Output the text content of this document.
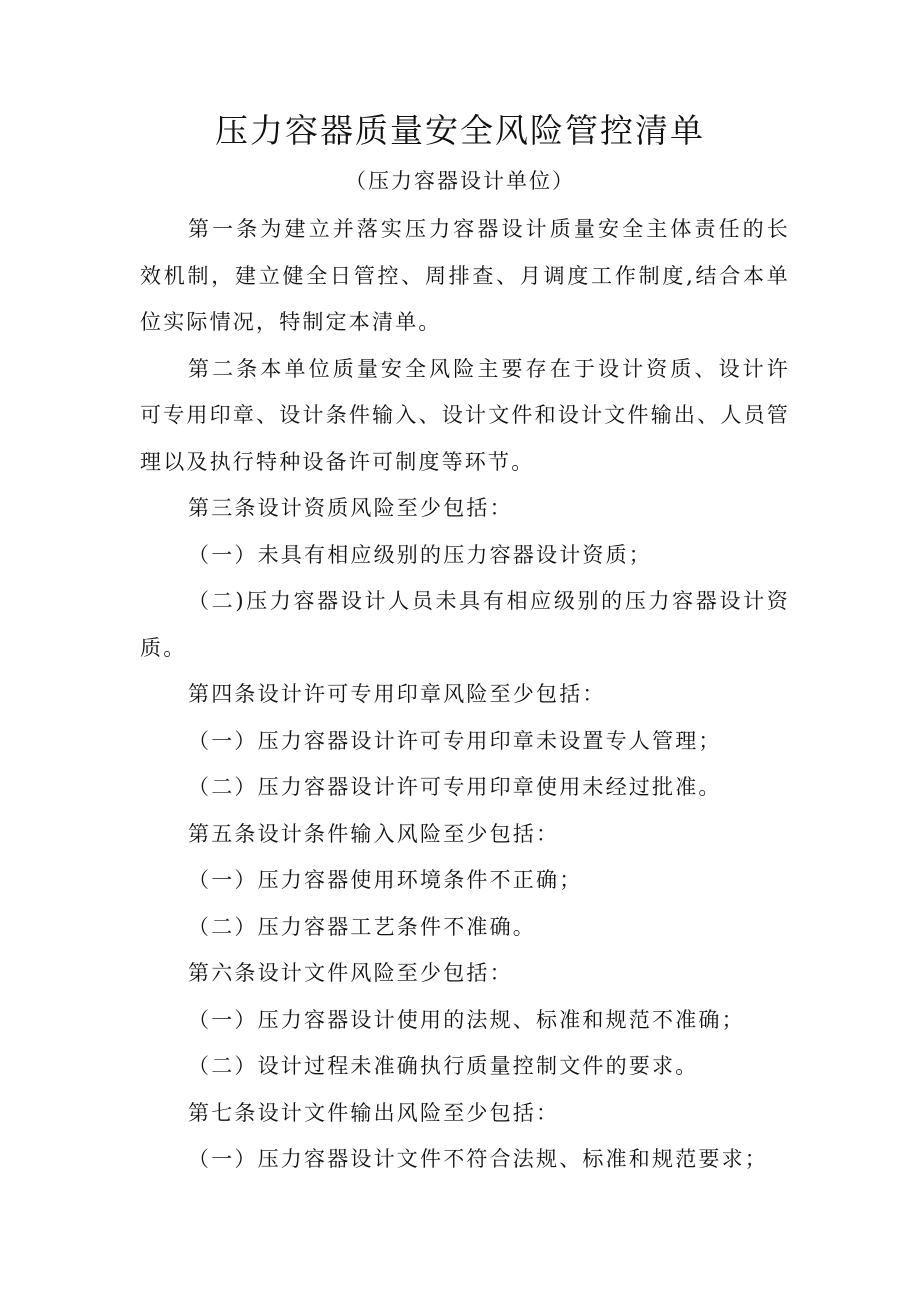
压力容器质量安全风险管控清单
（压力容器设计单位）

第一条为建立并落实压力容器设计质量安全主体责任的长效机制，建立健全日管控、周排查、月调度工作制度,结合本单位实际情况，特制定本清单。

第二条本单位质量安全风险主要存在于设计资质、设计许可专用印章、设计条件输入、设计文件和设计文件输出、人员管理以及执行特种设备许可制度等环节。

第三条设计资质风险至少包括：

（一）未具有相应级别的压力容器设计资质；

（二)压力容器设计人员未具有相应级别的压力容器设计资质。

第四条设计许可专用印章风险至少包括：

（一）压力容器设计许可专用印章未设置专人管理；

（二）压力容器设计许可专用印章使用未经过批准。

第五条设计条件输入风险至少包括：

（一）压力容器使用环境条件不正确；

（二）压力容器工艺条件不准确。

第六条设计文件风险至少包括：

（一）压力容器设计使用的法规、标准和规范不准确；

（二）设计过程未准确执行质量控制文件的要求。

第七条设计文件输出风险至少包括：

（一）压力容器设计文件不符合法规、标准和规范要求；
